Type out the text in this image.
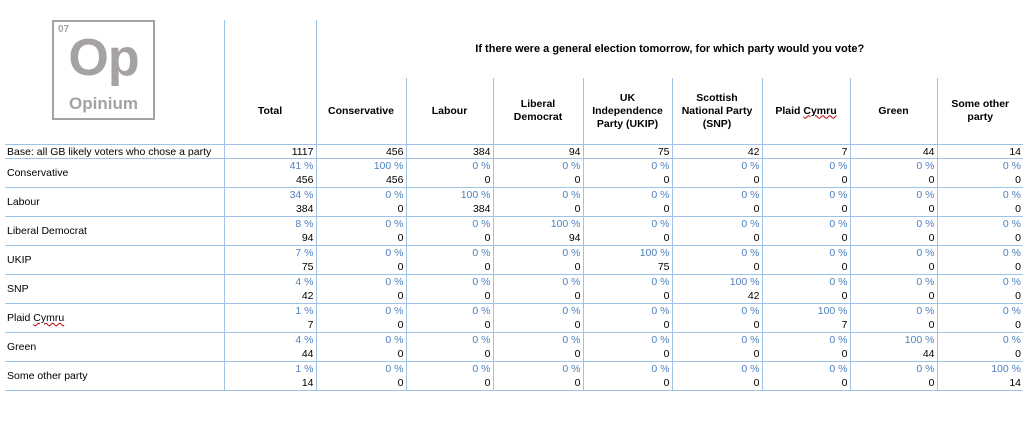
		If there were a general election tomorrow, for which party would you vote?							
	Total	Conservative	Labour	Liberal Democrat	UK Independence Party (UKIP)	Scottish National Party (SNP)	Plaid Cymru	Green	Some other party
Base: all GB likely voters who chose a party	1117	456	384	94	75	42	7	44	14
Conservative	41 %	100 %	0 %	0 %	0 %	0 %	0 %	0 %	0 %
	456	456	0	0	0	0	0	0	0
Labour	34 %	0 %	100 %	0 %	0 %	0 %	0 %	0 %	0 %
	384	0	384	0	0	0	0	0	0
Liberal Democrat	8 %	0 %	0 %	100 %	0 %	0 %	0 %	0 %	0 %
	94	0	0	94	0	0	0	0	0
UKIP	7 %	0 %	0 %	0 %	100 %	0 %	0 %	0 %	0 %
	75	0	0	0	75	0	0	0	0
SNP	4 %	0 %	0 %	0 %	0 %	100 %	0 %	0 %	0 %
	42	0	0	0	0	42	0	0	0
Plaid Cymru	1 %	0 %	0 %	0 %	0 %	0 %	100 %	0 %	0 %
	7	0	0	0	0	0	7	0	0
Green	4 %	0 %	0 %	0 %	0 %	0 %	0 %	100 %	0 %
	44	0	0	0	0	0	0	44	0
Some other party	1 %	0 %	0 %	0 %	0 %	0 %	0 %	0 %	100 %
	14	0	0	0	0	0	0	0	14
07 Op
Opinium
